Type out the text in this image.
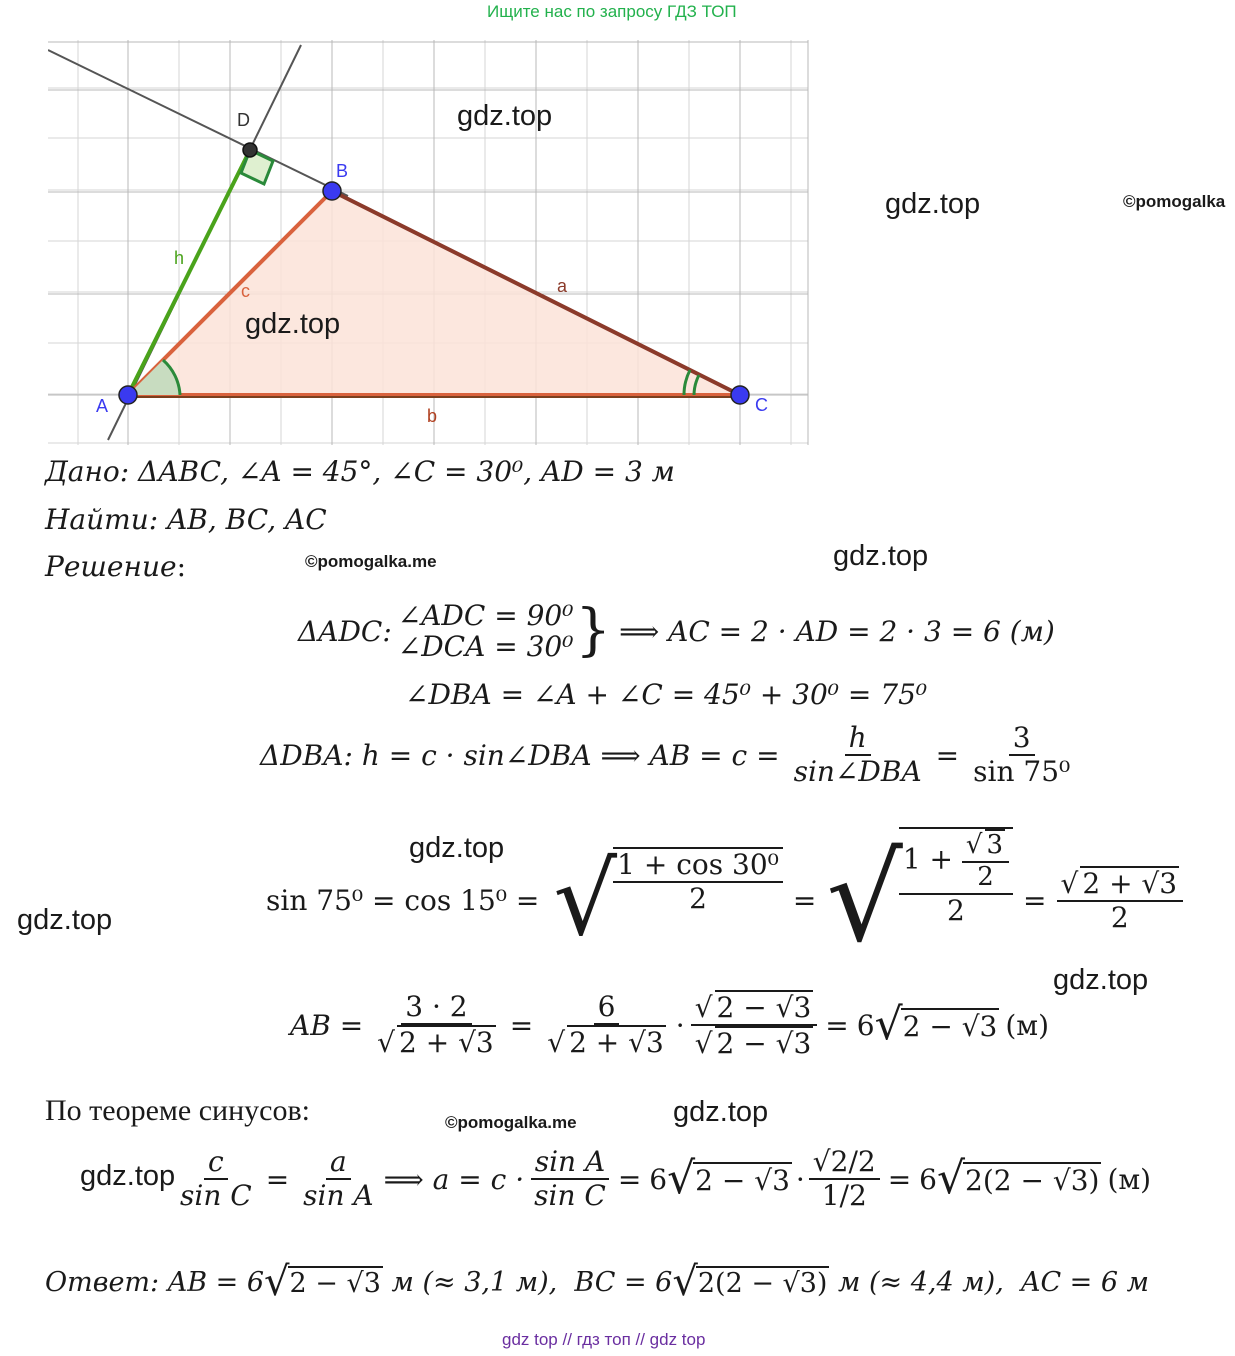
Ищите нас по запросу ГДЗ ТОП
A
B
C
D
a
b
c
h
gdz.top
gdz.top	©pomogalka
gdz.top
©pomogalka.me	gdz.top
gdz.top
gdz.top
gdz.top
©pomogalka.me	gdz.top
gdz.top
Дано: ΔABC, ∠A = 45°, ∠C = 30⁰, AD = 3 м
Найти: AB, BC, AC
Решение:
ΔADC: ∠ADC = 90⁰
∠DCA = 30⁰ } ⟹ AC = 2 · AD = 2 · 3 = 6 (м)
∠DBA = ∠A + ∠C = 45⁰ + 30⁰ = 75⁰
ΔDBA: h = c · sin∠DBA ⟹ AB = $c = \frac{h}{\text{sin∠DBA}} = \frac{3}{\text{sin 75⁰}}$
sin 75⁰ = cos 15⁰ = √
$\frac{\text{1 + cos 30⁰}}{2}$ = √
1 +
√ $\frac{3}{2}$
2 =
√ $\frac{2 + √3}{2}$
AB = 3 · 2
√ 2 + √3 = 6
√ 2 + √3 ·
√ 2 − √3
√ 2 − √3 = 6 √ 2 − √3 (м)
По теореме синусов:
$\frac{c}{\text{sin C}} = \frac{a}{\text{sin A}}$ ⟹ $a = c \cdot \frac{\text{sin A}}{\text{sin C}} = 6$ √ $2 - √3 \cdot \frac{√2/2}{1/2} = 6$ √ 2(2 − √3) (м)
Ответ : AB = 6 √ 2 − √3 м (≈ 3,1 м),  BC = 6 √ 2(2 − √3) м (≈ 4,4 м),  AC = 6 м
gdz top // гдз топ // gdz top
